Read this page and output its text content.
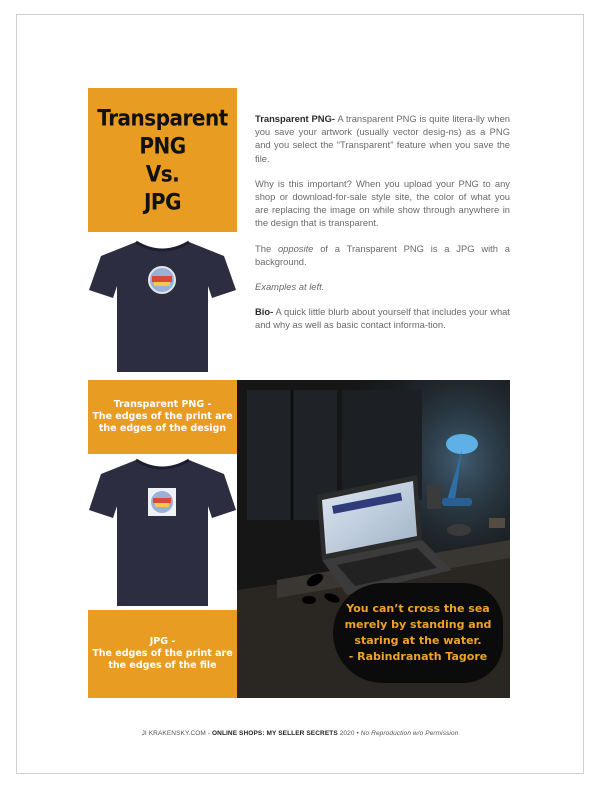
Transparent
PNG
Vs.
JPG

Transparent PNG- A transparent PNG is quite litera-lly when you save your artwork (usually vector desig-ns) as a PNG and you select the “Transparent” feature when you save the file.

Why is this important? When you upload your PNG to any shop or download-for-sale style site, the color of what you are replacing the image on while show through anywhere in the design that is transparent.

The opposite of a Transparent PNG is a JPG with a background.

Examples at left.

Bio- A quick little blurb about yourself that includes your what and why as well as basic contact informa-tion.

Transparent PNG -
The edges of the print are
the edges of the design
JPG -
The edges of the print are
the edges of the file
You can’t cross the sea
merely by standing and
staring at the water.
- Rabindranath Tagore
JI KRAKENSKY.COM - ONLINE SHOPS: MY SELLER SECRETS 2020 • No Reproduction w/o Permission
